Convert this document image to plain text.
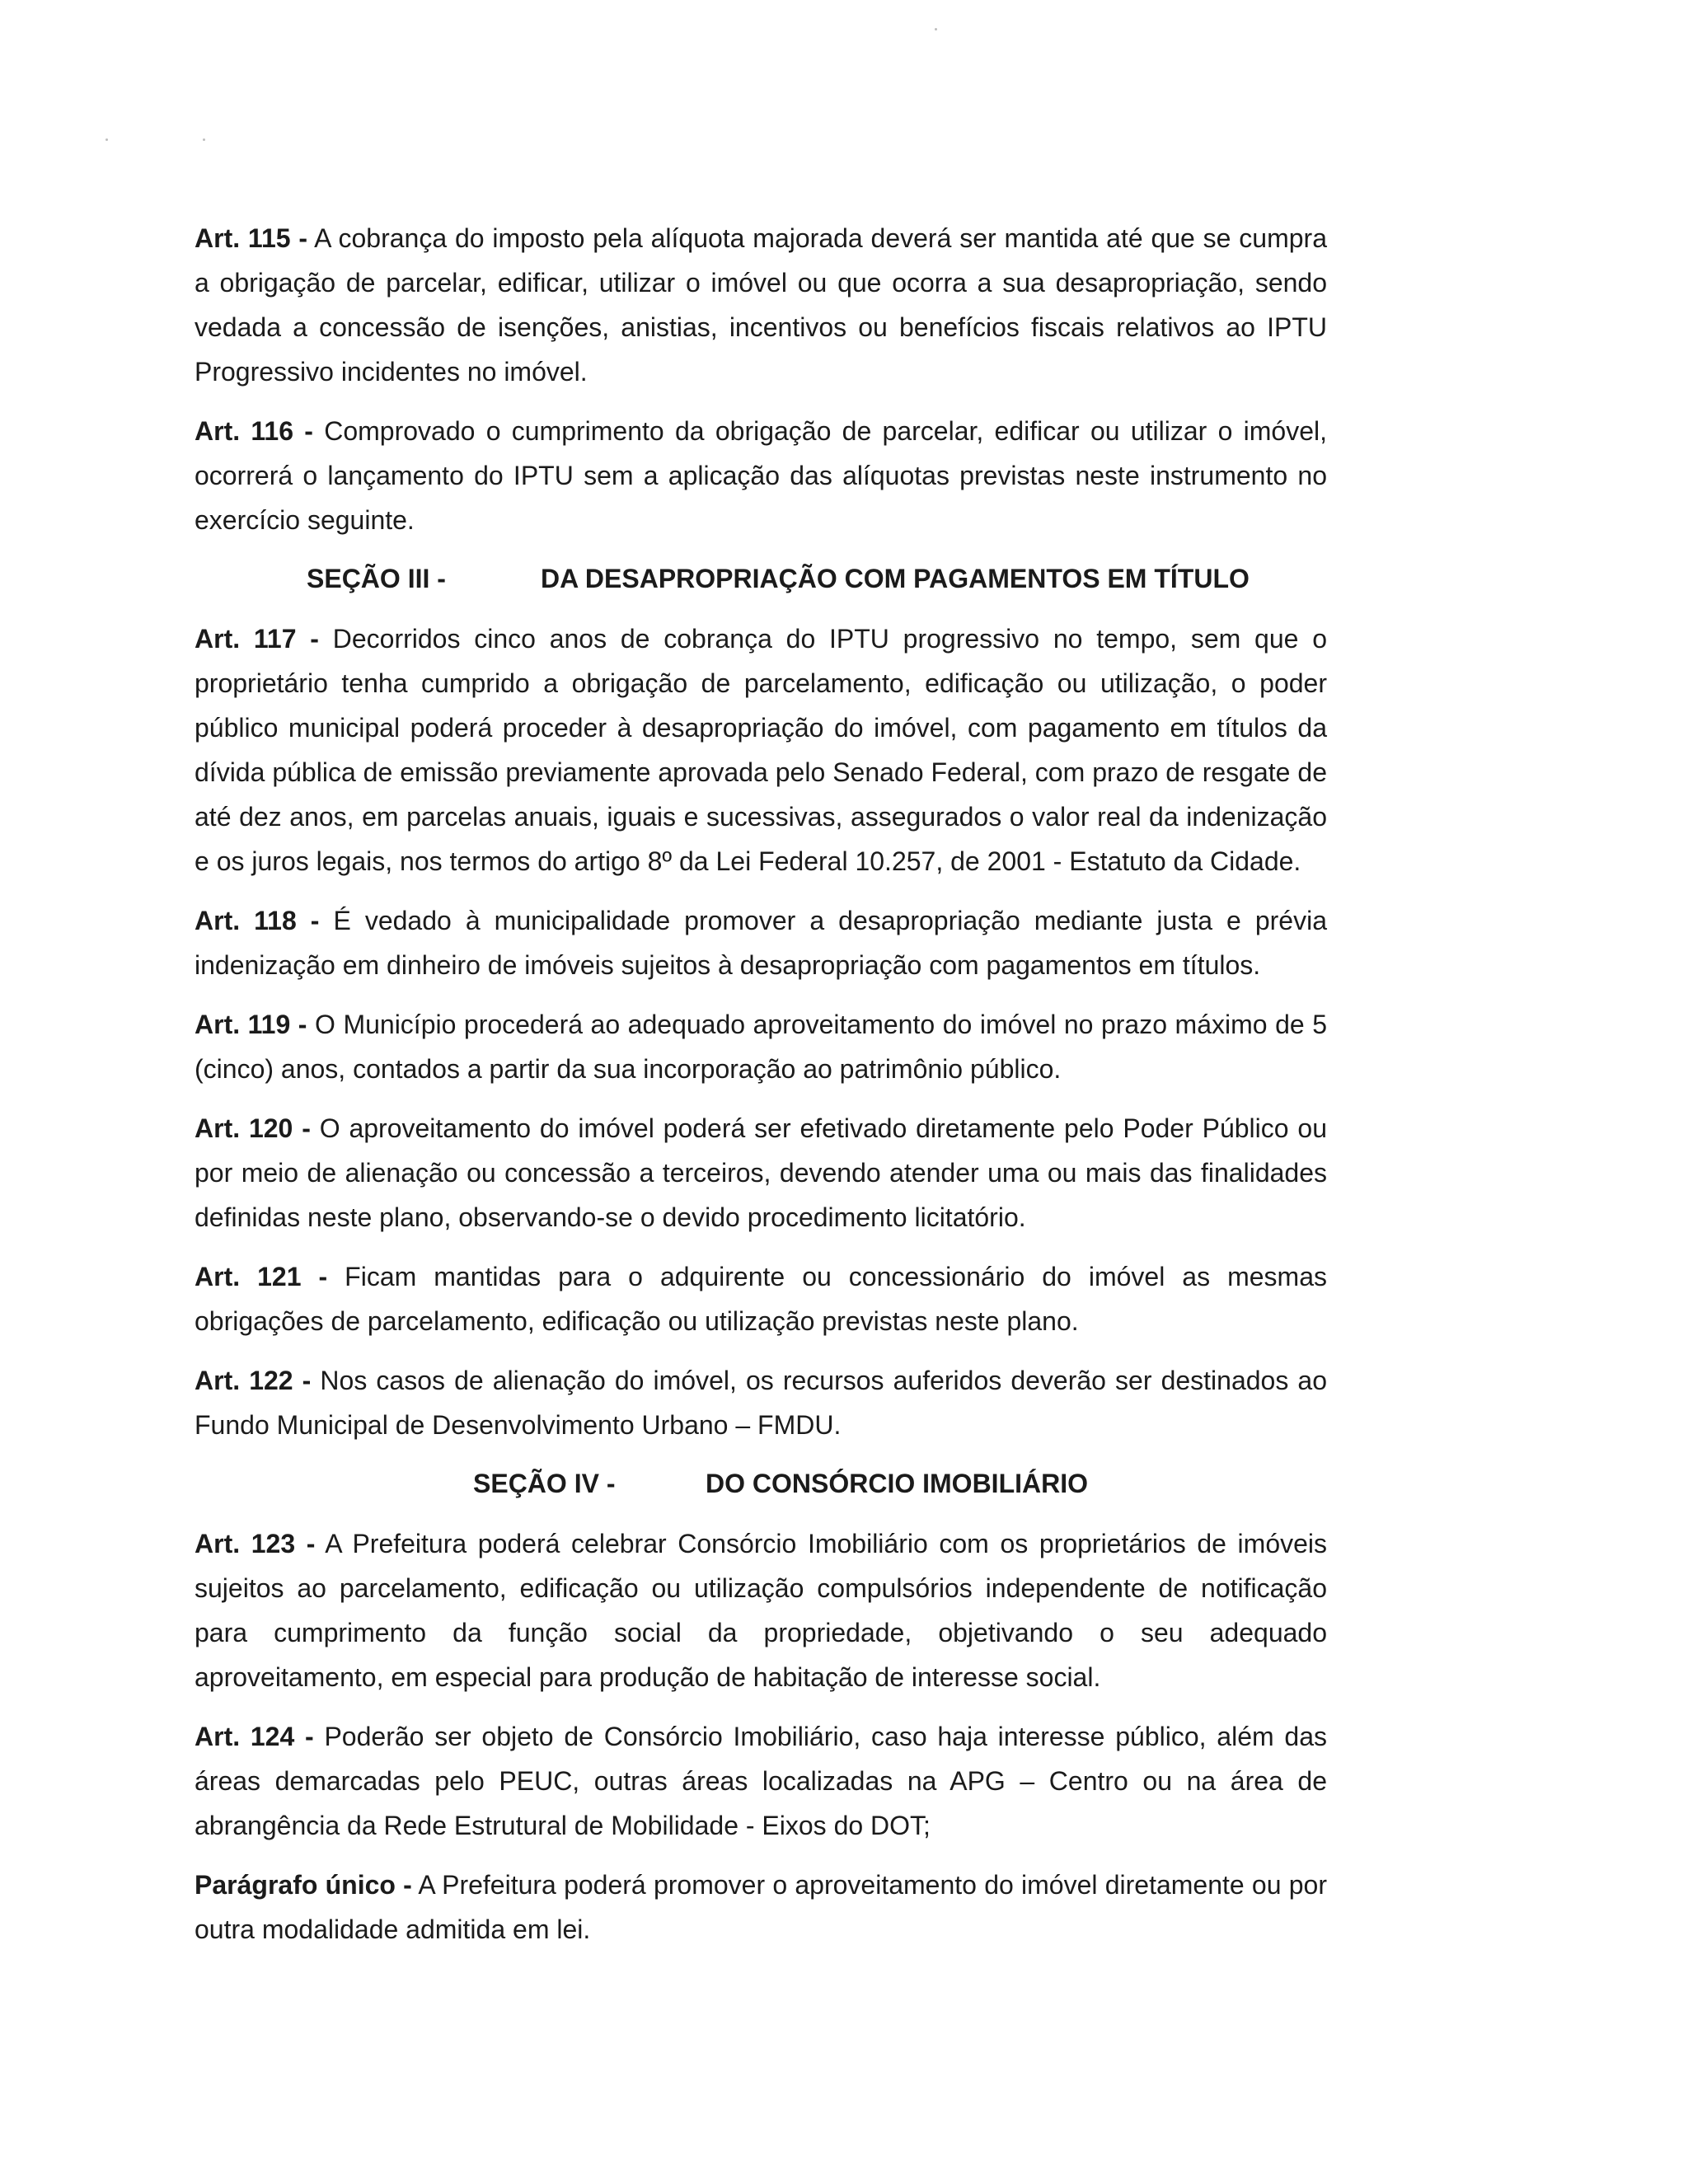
Art. 115 - A cobrança do imposto pela alíquota majorada deverá ser mantida até que se cumpra a obrigação de parcelar, edificar, utilizar o imóvel ou que ocorra a sua desapropriação, sendo vedada a concessão de isenções, anistias, incentivos ou benefícios fiscais relativos ao IPTU Progressivo incidentes no imóvel.

Art. 116 - Comprovado o cumprimento da obrigação de parcelar, edificar ou utilizar o imóvel, ocorrerá o lançamento do IPTU sem a aplicação das alíquotas previstas neste instrumento no exercício seguinte.

SEÇÃO III -	DA DESAPROPRIAÇÃO COM PAGAMENTOS EM TÍTULO

Art. 117 - Decorridos cinco anos de cobrança do IPTU progressivo no tempo, sem que o proprietário tenha cumprido a obrigação de parcelamento, edificação ou utilização, o poder público municipal poderá proceder à desapropriação do imóvel, com pagamento em títulos da dívida pública de emissão previamente aprovada pelo Senado Federal, com prazo de resgate de até dez anos, em parcelas anuais, iguais e sucessivas, assegurados o valor real da indenização e os juros legais, nos termos do artigo 8º da Lei Federal 10.257, de 2001 - Estatuto da Cidade.

Art. 118 - É vedado à municipalidade promover a desapropriação mediante justa e prévia indenização em dinheiro de imóveis sujeitos à desapropriação com pagamentos em títulos.

Art. 119 - O Município procederá ao adequado aproveitamento do imóvel no prazo máximo de 5 (cinco) anos, contados a partir da sua incorporação ao patrimônio público.

Art. 120 - O aproveitamento do imóvel poderá ser efetivado diretamente pelo Poder Público ou por meio de alienação ou concessão a terceiros, devendo atender uma ou mais das finalidades definidas neste plano, observando-se o devido procedimento licitatório.

Art. 121 - Ficam mantidas para o adquirente ou concessionário do imóvel as mesmas obrigações de parcelamento, edificação ou utilização previstas neste plano.

Art. 122 - Nos casos de alienação do imóvel, os recursos auferidos deverão ser destinados ao Fundo Municipal de Desenvolvimento Urbano – FMDU.

SEÇÃO IV -	DO CONSÓRCIO IMOBILIÁRIO

Art. 123 - A Prefeitura poderá celebrar Consórcio Imobiliário com os proprietários de imóveis sujeitos ao parcelamento, edificação ou utilização compulsórios independente de notificação para cumprimento da função social da propriedade, objetivando o seu adequado aproveitamento, em especial para produção de habitação de interesse social.

Art. 124 - Poderão ser objeto de Consórcio Imobiliário, caso haja interesse público, além das áreas demarcadas pelo PEUC, outras áreas localizadas na APG – Centro ou na área de abrangência da Rede Estrutural de Mobilidade - Eixos do DOT;

Parágrafo único - A Prefeitura poderá promover o aproveitamento do imóvel diretamente ou por outra modalidade admitida em lei.
